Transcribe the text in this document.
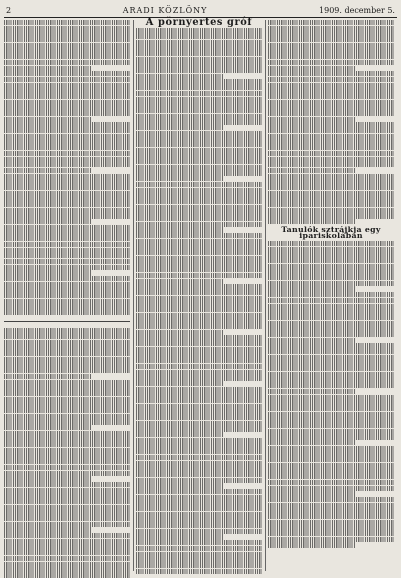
2	ARADI KÖZLÖNY	1909. december 5.
A pörnyertes gróf
Tanulók sztrájkja egy ipariskolában
